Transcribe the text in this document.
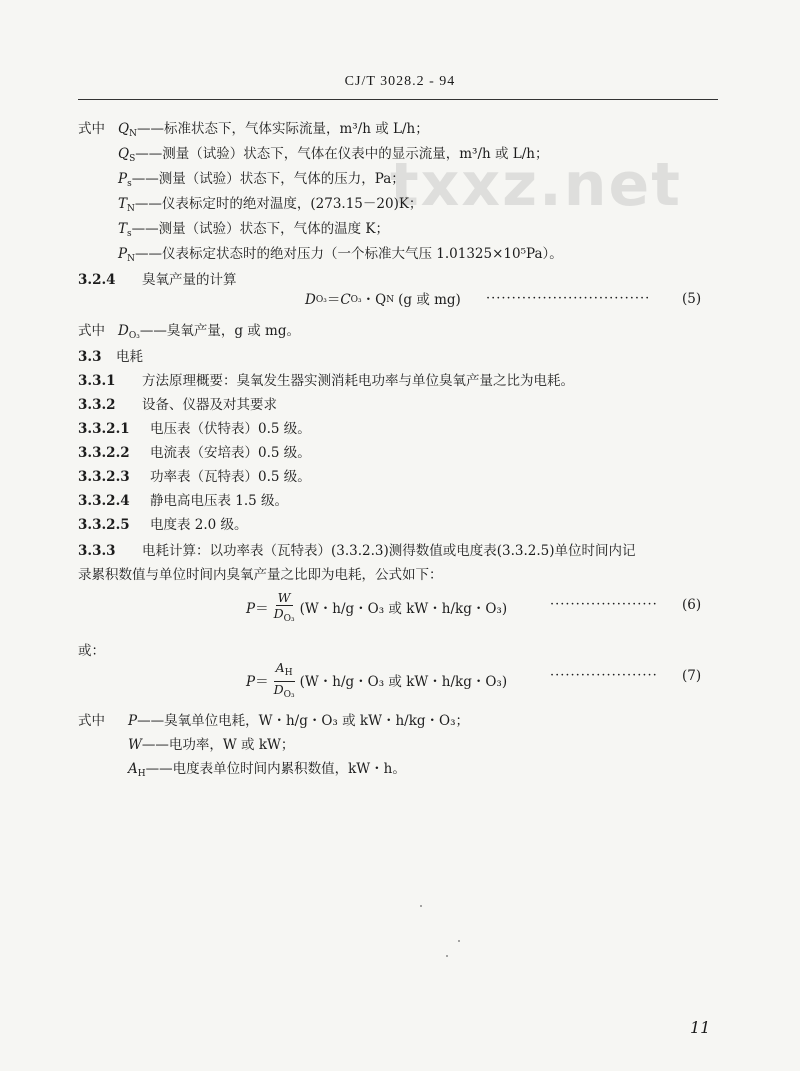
CJ/T 3028.2 - 94
txxz.net
式中 $Q_N——$标准状态下，气体实际流量，m³/h 或 L/h；
$Q_S——$测量（试验）状态下，气体在仪表中的显示流量，m³/h 或 L/h；
$P_s——$测量（试验）状态下，气体的压力，Pa；
$T_N——$仪表标定时的绝对温度，(273.15－20)K；
$T_s——$测量（试验）状态下，气体的温度 K；
$P_N——$仪表标定状态时的绝对压力（一个标准大气压 1.01325×10⁵Pa）。
3.2.4 臭氧产量的计算
D O₃ ＝ C O₃ ・Q N (g 或 mg) ································ (5)
式中 $D_{O_3}——$臭氧产量，g 或 mg。
3.3 电耗
3.3.1 方法原理概要：臭氧发生器实测消耗电功率与单位臭氧产量之比为电耗。
3.3.2 设备、仪器及对其要求
3.3.2.1 电压表（伏特表）0.5 级。
3.3.2.2 电流表（安培表）0.5 级。
3.3.2.3 功率表（瓦特表）0.5 级。
3.3.2.4 静电高电压表 1.5 级。
3.3.2.5 电度表 2.0 级。
3.3.3 电耗计算：以功率表（瓦特表）(3.3.2.3)测得数值或电度表(3.3.2.5)单位时间内记
录累积数值与单位时间内臭氧产量之比即为电耗，公式如下：
$P = \frac{W}{D_{O_3}} (W$・h/g・O₃ 或 kW・h/kg・O₃)	····················· (6)
或：
$P = \frac{A_H}{D_{O_3}} (W$・h/g・O₃ 或 kW・h/kg・O₃)	····················· (7)
式中 P——臭氧单位电耗，W・h/g・O₃ 或 kW・h/kg・O₃；
W——电功率，W 或 kW；
$A_H——$电度表单位时间内累积数值，kW・h。
11
